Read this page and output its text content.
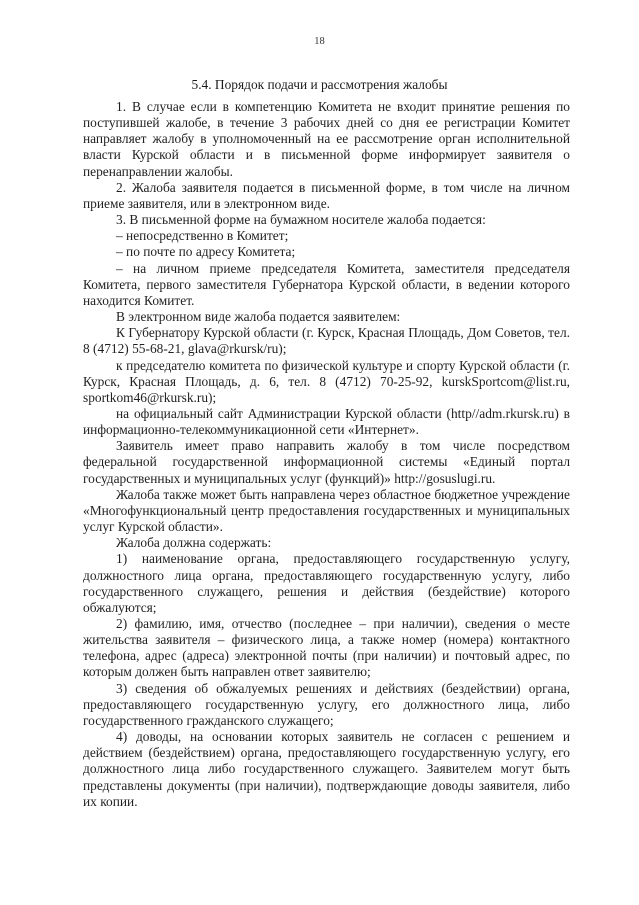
18
5.4. Порядок подачи и рассмотрения жалобы

1. В случае если в компетенцию Комитета не входит принятие решения по поступившей жалобе, в течение 3 рабочих дней со дня ее регистрации Комитет направляет жалобу в уполномоченный на ее рассмотрение орган исполнительной власти Курской области и в письменной форме информирует заявителя о перенаправлении жалобы.

2. Жалоба заявителя подается в письменной форме, в том числе на личном приеме заявителя, или в электронном виде.

3. В письменной форме на бумажном носителе жалоба подается:

– непосредственно в Комитет;

– по почте по адресу Комитета;

– на личном приеме председателя Комитета, заместителя председателя Комитета, первого заместителя Губернатора Курской области, в ведении которого находится Комитет.

В электронном виде жалоба подается заявителем:

К Губернатору Курской области (г. Курск, Красная Площадь, Дом Советов, тел. 8 (4712) 55-68-21, glava@rkursk/ru);

к председателю комитета по физической культуре и спорту Курской области (г. Курск, Красная Площадь, д. 6, тел. 8 (4712) 70-25-92, kurskSportcom@list.ru, sportkom46@rkursk.ru);

на официальный сайт Администрации Курской области (http//adm.rkursk.ru) в информационно-телекоммуникационной сети «Интернет».

Заявитель имеет право направить жалобу в том числе посредством федеральной государственной информационной системы «Единый портал государственных и муниципальных услуг (функций)» http://gosuslugi.ru.

Жалоба также может быть направлена через областное бюджетное учреждение «Многофункциональный центр предоставления государственных и муниципальных услуг Курской области».

Жалоба должна содержать:

1) наименование органа, предоставляющего государственную услугу, должностного лица органа, предоставляющего государственную услугу, либо государственного служащего, решения и действия (бездействие) которого обжалуются;

2) фамилию, имя, отчество (последнее – при наличии), сведения о месте жительства заявителя – физического лица, а также номер (номера) контактного телефона, адрес (адреса) электронной почты (при наличии) и почтовый адрес, по которым должен быть направлен ответ заявителю;

3) сведения об обжалуемых решениях и действиях (бездействии) органа, предоставляющего государственную услугу, его должностного лица, либо государственного гражданского служащего;

4) доводы, на основании которых заявитель не согласен с решением и действием (бездействием) органа, предоставляющего государственную услугу, его должностного лица либо государственного служащего. Заявителем могут быть представлены документы (при наличии), подтверждающие доводы заявителя, либо их копии.
